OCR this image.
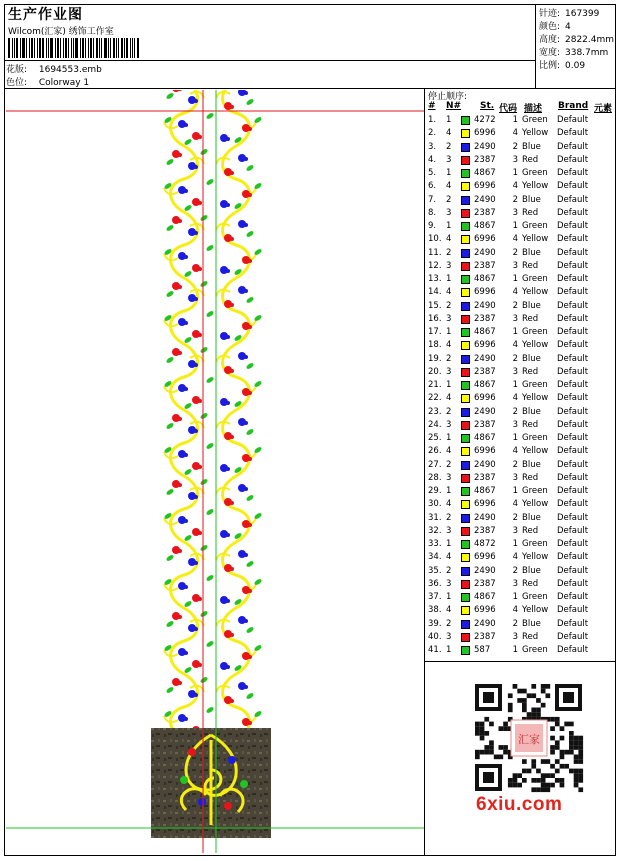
生产作业图
Wilcom(汇家) 绣饰工作室
花版: 1694553.emb
色位: Colorway 1
针迹: 167399
颜色: 4
高度: 2822.4mm
宽度: 338.7mm
比例: 0.09
停止顺序:
# N# St. 代码 描述 Brand 元素
1. 1	4272	1 Green Default
2. 4	6996	4 Yellow Default
3. 2	2490	2 Blue Default
4. 3	2387	3 Red Default
5. 1	4867	1 Green Default
6. 4	6996	4 Yellow Default
7. 2	2490	2 Blue Default
8. 3	2387	3 Red Default
9. 1	4867	1 Green Default
10. 4	6996	4 Yellow Default
11. 2	2490	2 Blue Default
12. 3	2387	3 Red Default
13. 1	4867	1 Green Default
14. 4	6996	4 Yellow Default
15. 2	2490	2 Blue Default
16. 3	2387	3 Red Default
17. 1	4867	1 Green Default
18. 4	6996	4 Yellow Default
19. 2	2490	2 Blue Default
20. 3	2387	3 Red Default
21. 1	4867	1 Green Default
22. 4	6996	4 Yellow Default
23. 2	2490	2 Blue Default
24. 3	2387	3 Red Default
25. 1	4867	1 Green Default
26. 4	6996	4 Yellow Default
27. 2	2490	2 Blue Default
28. 3	2387	3 Red Default
29. 1	4867	1 Green Default
30. 4	6996	4 Yellow Default
31. 2	2490	2 Blue Default
32. 3	2387	3 Red Default
33. 1	4872	1 Green Default
34. 4	6996	4 Yellow Default
35. 2	2490	2 Blue Default
36. 3	2387	3 Red Default
37. 1	4867	1 Green Default
38. 4	6996	4 Yellow Default
39. 2	2490	2 Blue Default
40. 3	2387	3 Red Default
41. 1	587	1 Green Default
汇家
6xiu.com
